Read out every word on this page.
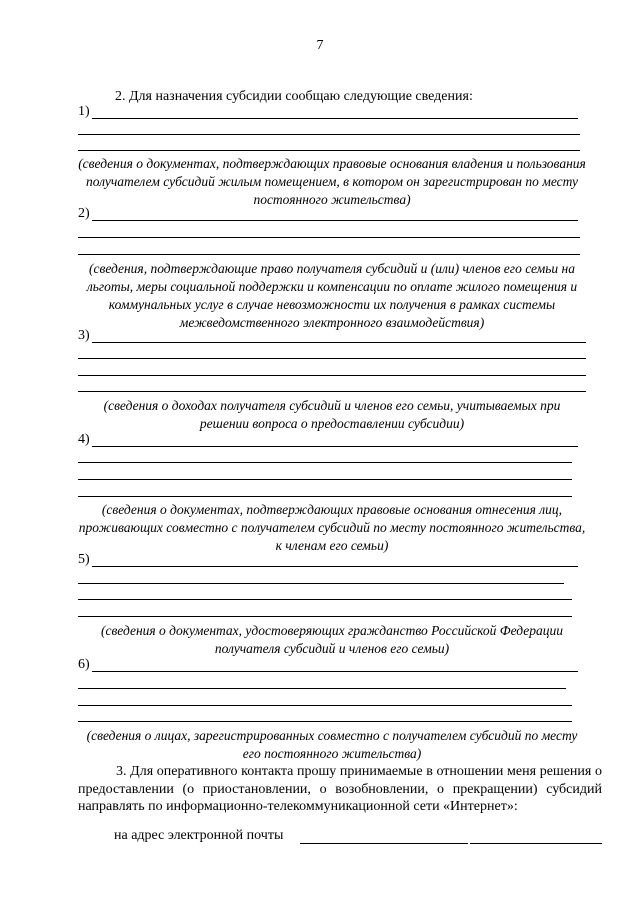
7
2. Для назначения субсидии сообщаю следующие сведения:
1)
(сведения о документах, подтверждающих правовые основания владения и пользования получателем субсидий жилым помещением, в котором он зарегистрирован по месту постоянного жительства)
2)
(сведения, подтверждающие право получателя субсидий и (или) членов его семьи на льготы, меры социальной поддержки и компенсации по оплате жилого помещения и коммунальных услуг в случае невозможности их получения в рамках системы межведомственного электронного взаимодействия)
3)
(сведения о доходах получателя субсидий и членов его семьи, учитываемых при решении вопроса о предоставлении субсидии)
4)
(сведения о документах, подтверждающих правовые основания отнесения лиц, проживающих совместно с получателем субсидий по месту постоянного жительства, к членам его семьи)
5)
(сведения о документах, удостоверяющих гражданство Российской Федерации получателя субсидий и членов его семьи)
6)
(сведения о лицах, зарегистрированных совместно с получателем субсидий по месту его постоянного жительства)
3. Для оперативного контакта прошу принимаемые в отношении меня решения о предоставлении (о приостановлении, о возобновлении, о прекращении) субсидий направлять по информационно-телекоммуникационной сети «Интернет»:
на адрес электронной почты
